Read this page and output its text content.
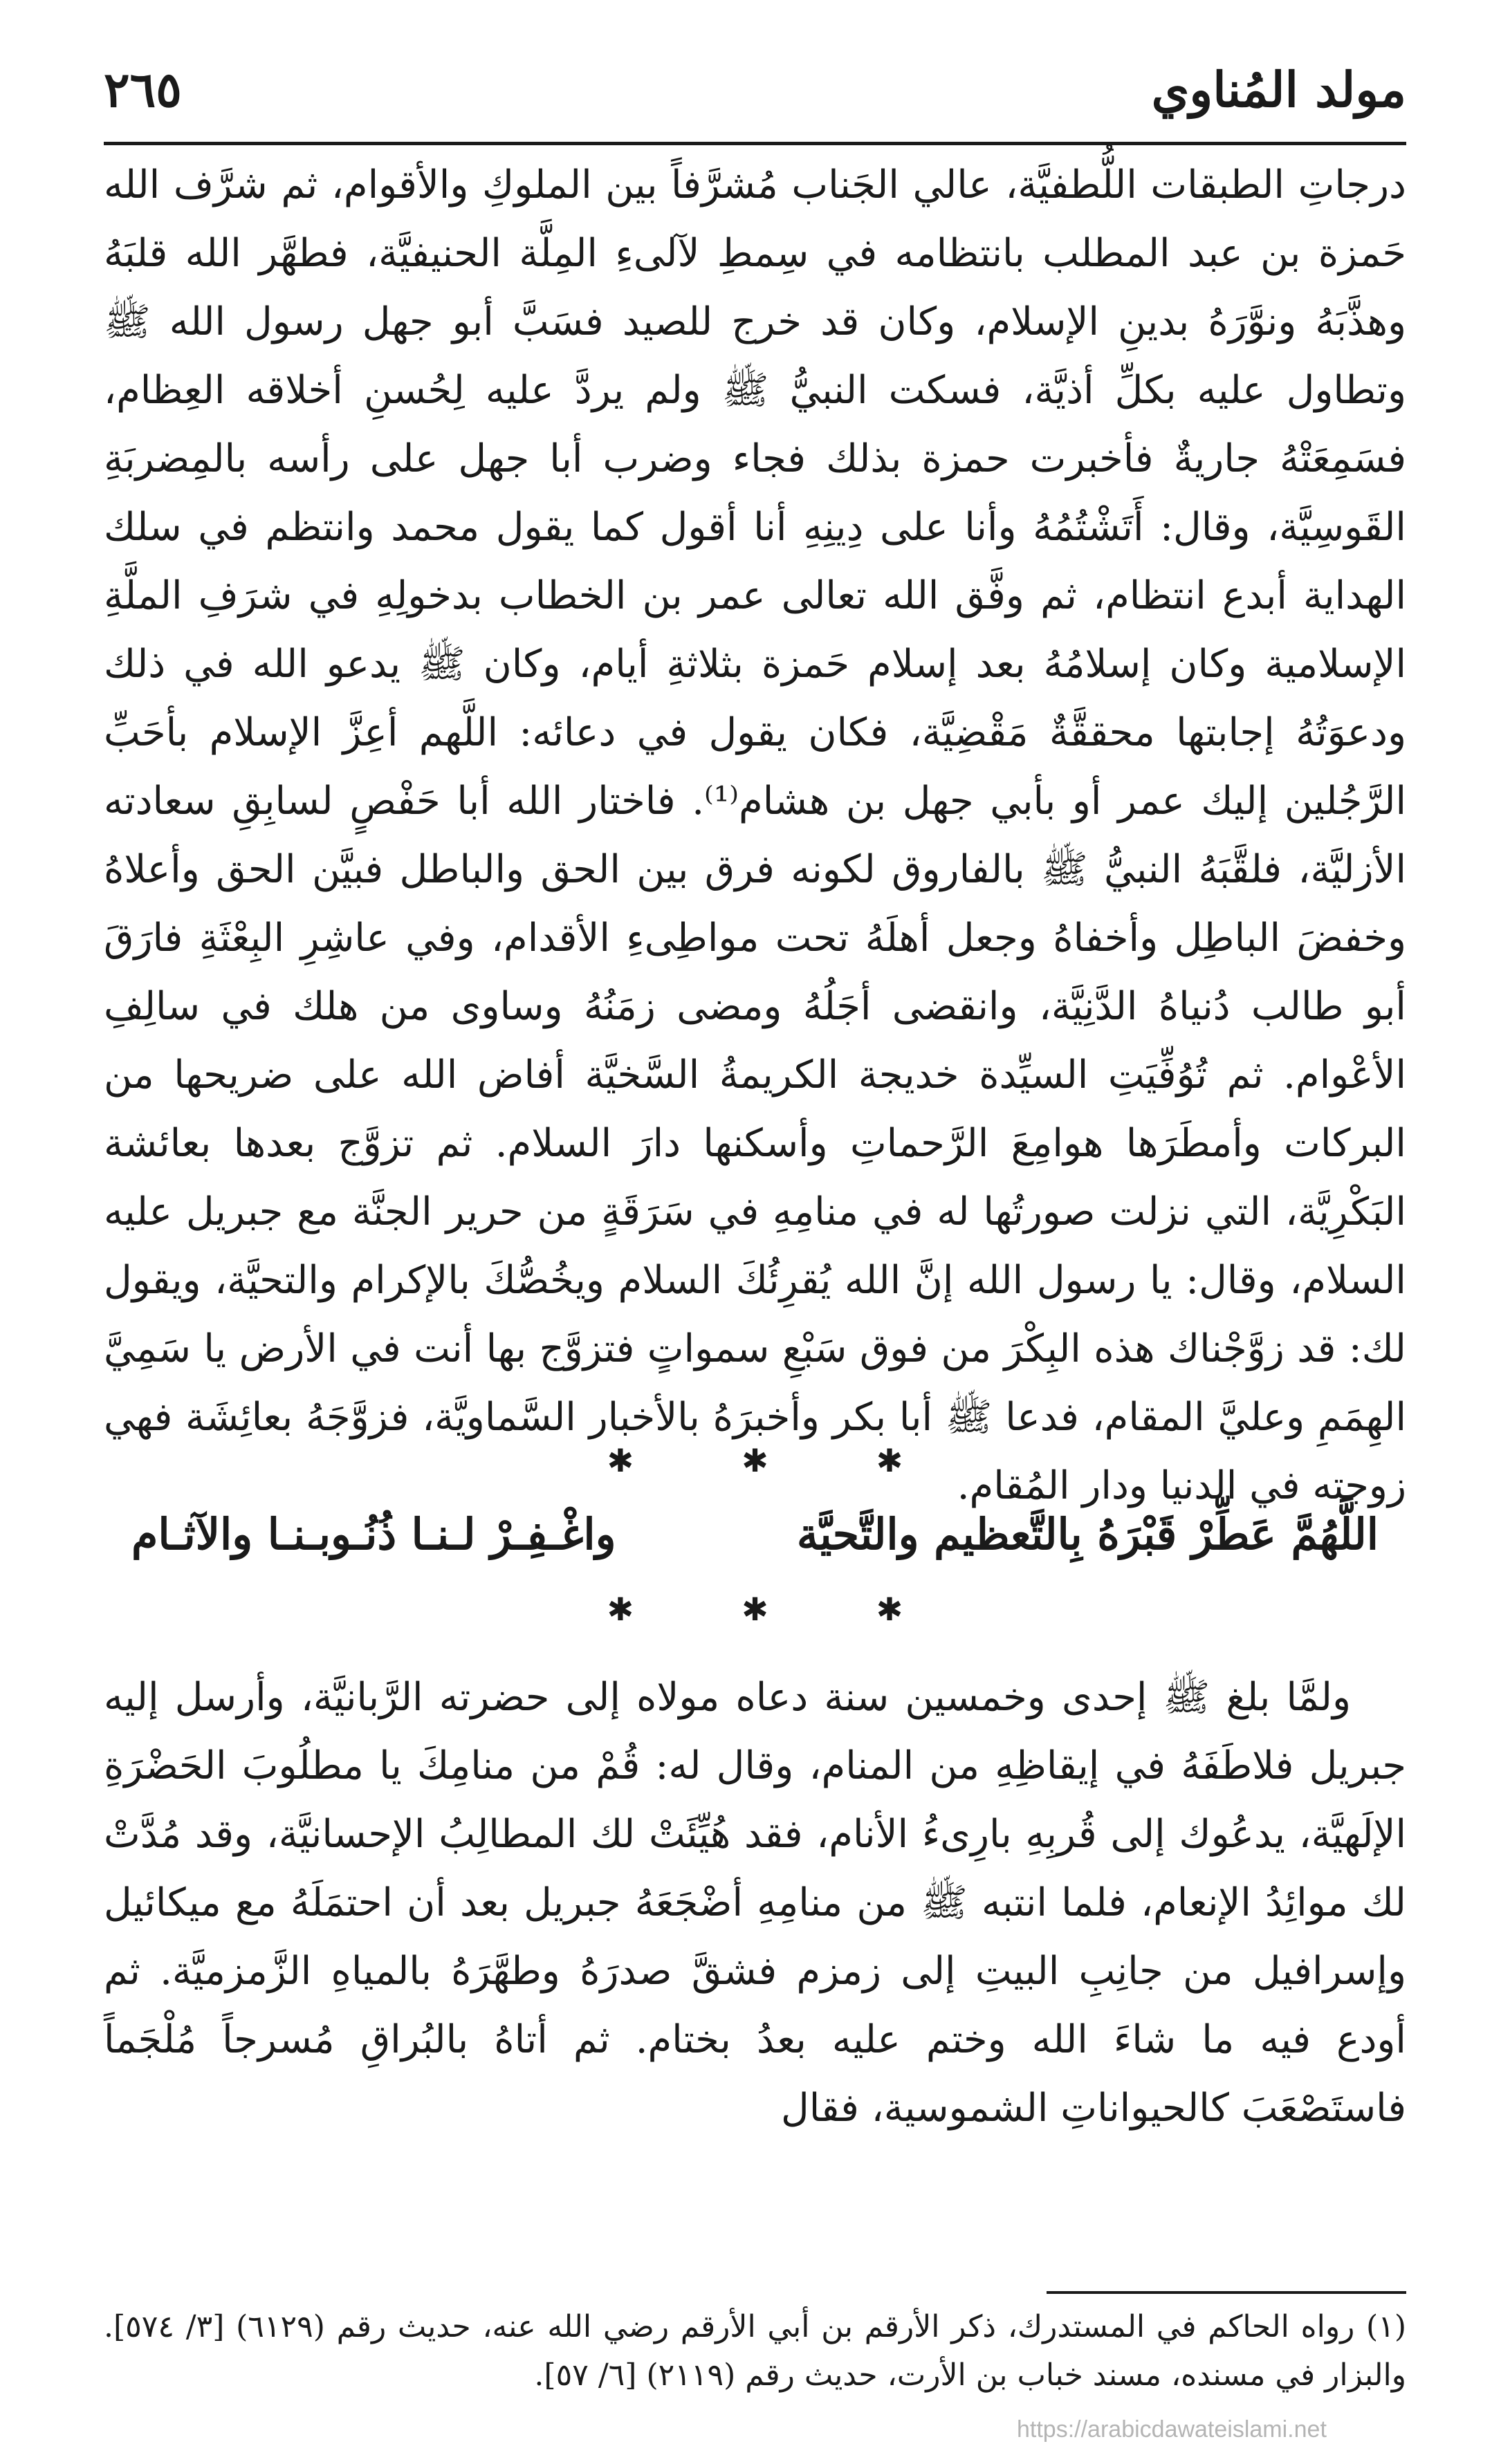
مولد المُناوي
٢٦٥

درجاتِ الطبقات اللُّطفيَّة، عالي الجَناب مُشرَّفاً بين الملوكِ والأقوام، ثم شرَّف الله حَمزة بن عبد المطلب بانتظامه في سِمطِ لآلىءِ المِلَّة الحنيفيَّة، فطهَّر الله قلبَهُ وهذَّبَهُ ونوَّرَهُ بدينِ الإسلام، وكان قد خرج للصيد فسَبَّ أبو جهل رسول الله ﷺ وتطاول عليه بكلِّ أذيَّة، فسكت النبيُّ ﷺ ولم يردَّ عليه لِحُسنِ أخلاقه العِظام، فسَمِعَتْهُ جاريةٌ فأخبرت حمزة بذلك فجاء وضرب أبا جهل على رأسه بالمِضربَةِ القَوسِيَّة، وقال: أَتَشْتُمُهُ وأنا على دِينِهِ أنا أقول كما يقول محمد وانتظم في سلك الهداية أبدع انتظام، ثم وفَّق الله تعالى عمر بن الخطاب بدخولِهِ في شرَفِ الملَّةِ الإسلامية وكان إسلامُهُ بعد إسلام حَمزة بثلاثةِ أيام، وكان ﷺ يدعو الله في ذلك ودعوَتُهُ إجابتها محققَّةٌ مَقْضِيَّة، فكان يقول في دعائه: اللَّهم أعِزَّ الإسلام بأحَبِّ الرَّجُلين إليك عمر أو بأبي جهل بن هشام⁽¹⁾. فاختار الله أبا حَفْصٍ لسابِقِ سعادته الأزليَّة، فلقَّبَهُ النبيُّ ﷺ بالفاروق لكونه فرق بين الحق والباطل فبيَّن الحق وأعلاهُ وخفضَ الباطِل وأخفاهُ وجعل أهلَهُ تحت مواطِىءِ الأقدام، وفي عاشِرِ البِعْثَةِ فارَقَ أبو طالب دُنياهُ الدَّنِيَّة، وانقضى أجَلُهُ ومضى زمَنُهُ وساوى من هلك في سالِفِ الأعْوام. ثم تُوُفِّيَتِ السيِّدة خديجة الكريمةُ السَّخيَّة أفاض الله على ضريحها من البركات وأمطَرَها هوامِعَ الرَّحماتِ وأسكنها دارَ السلام. ثم تزوَّج بعدها بعائشة البَكْرِيَّة، التي نزلت صورتُها له في منامِهِ في سَرَقَةٍ من حرير الجنَّة مع جبريل عليه السلام، وقال: يا رسول الله إنَّ الله يُقرِئُكَ السلام ويخُصُّكَ بالإكرام والتحيَّة، ويقول لك: قد زوَّجْناك هذه البِكْرَ من فوق سَبْعِ سمواتٍ فتزوَّج بها أنت في الأرض يا سَمِيَّ الهِمَمِ وعليَّ المقام، فدعا ﷺ أبا بكر وأخبرَهُ بالأخبار السَّماويَّة، فزوَّجَهُ بعائِشَة فهي زوجته في الدنيا ودار المُقام.

✱	✱	✱
اللَّهُمَّ عَطِّرْ قَبْرَهُ بِالتَّعظيم والتَّحيَّة
واغْـفِـرْ لـنـا ذُنُـوبـنـا والآثـام
✱	✱	✱

ولمَّا بلغ ﷺ إحدى وخمسين سنة دعاه مولاه إلى حضرته الرَّبانيَّة، وأرسل إليه جبريل فلاطَفَهُ في إيقاظِهِ من المنام، وقال له: قُمْ من منامِكَ يا مطلُوبَ الحَضْرَةِ الإلَهيَّة، يدعُوك إلى قُربِهِ بارِىءُ الأنام، فقد هُيِّئَتْ لك المطالِبُ الإحسانيَّة، وقد مُدَّتْ لك موائِدُ الإنعام، فلما انتبه ﷺ من منامِهِ أضْجَعَهُ جبريل بعد أن احتمَلَهُ مع ميكائيل وإسرافيل من جانِبِ البيتِ إلى زمزم فشقَّ صدرَهُ وطهَّرَهُ بالمياهِ الزَّمزميَّة. ثم أودع فيه ما شاءَ الله وختم عليه بعدُ بختام. ثم أتاهُ بالبُراقِ مُسرجاً مُلْجَماً فاستَصْعَبَ كالحيواناتِ الشموسية، فقال

(١) رواه الحاكم في المستدرك، ذكر الأرقم بن أبي الأرقم رضي الله عنه، حديث رقم (٦١٢٩) [٣/ ٥٧٤]. والبزار في مسنده، مسند خباب بن الأرت، حديث رقم (٢١١٩) [٦/ ٥٧].

https://arabicdawateislami.net
